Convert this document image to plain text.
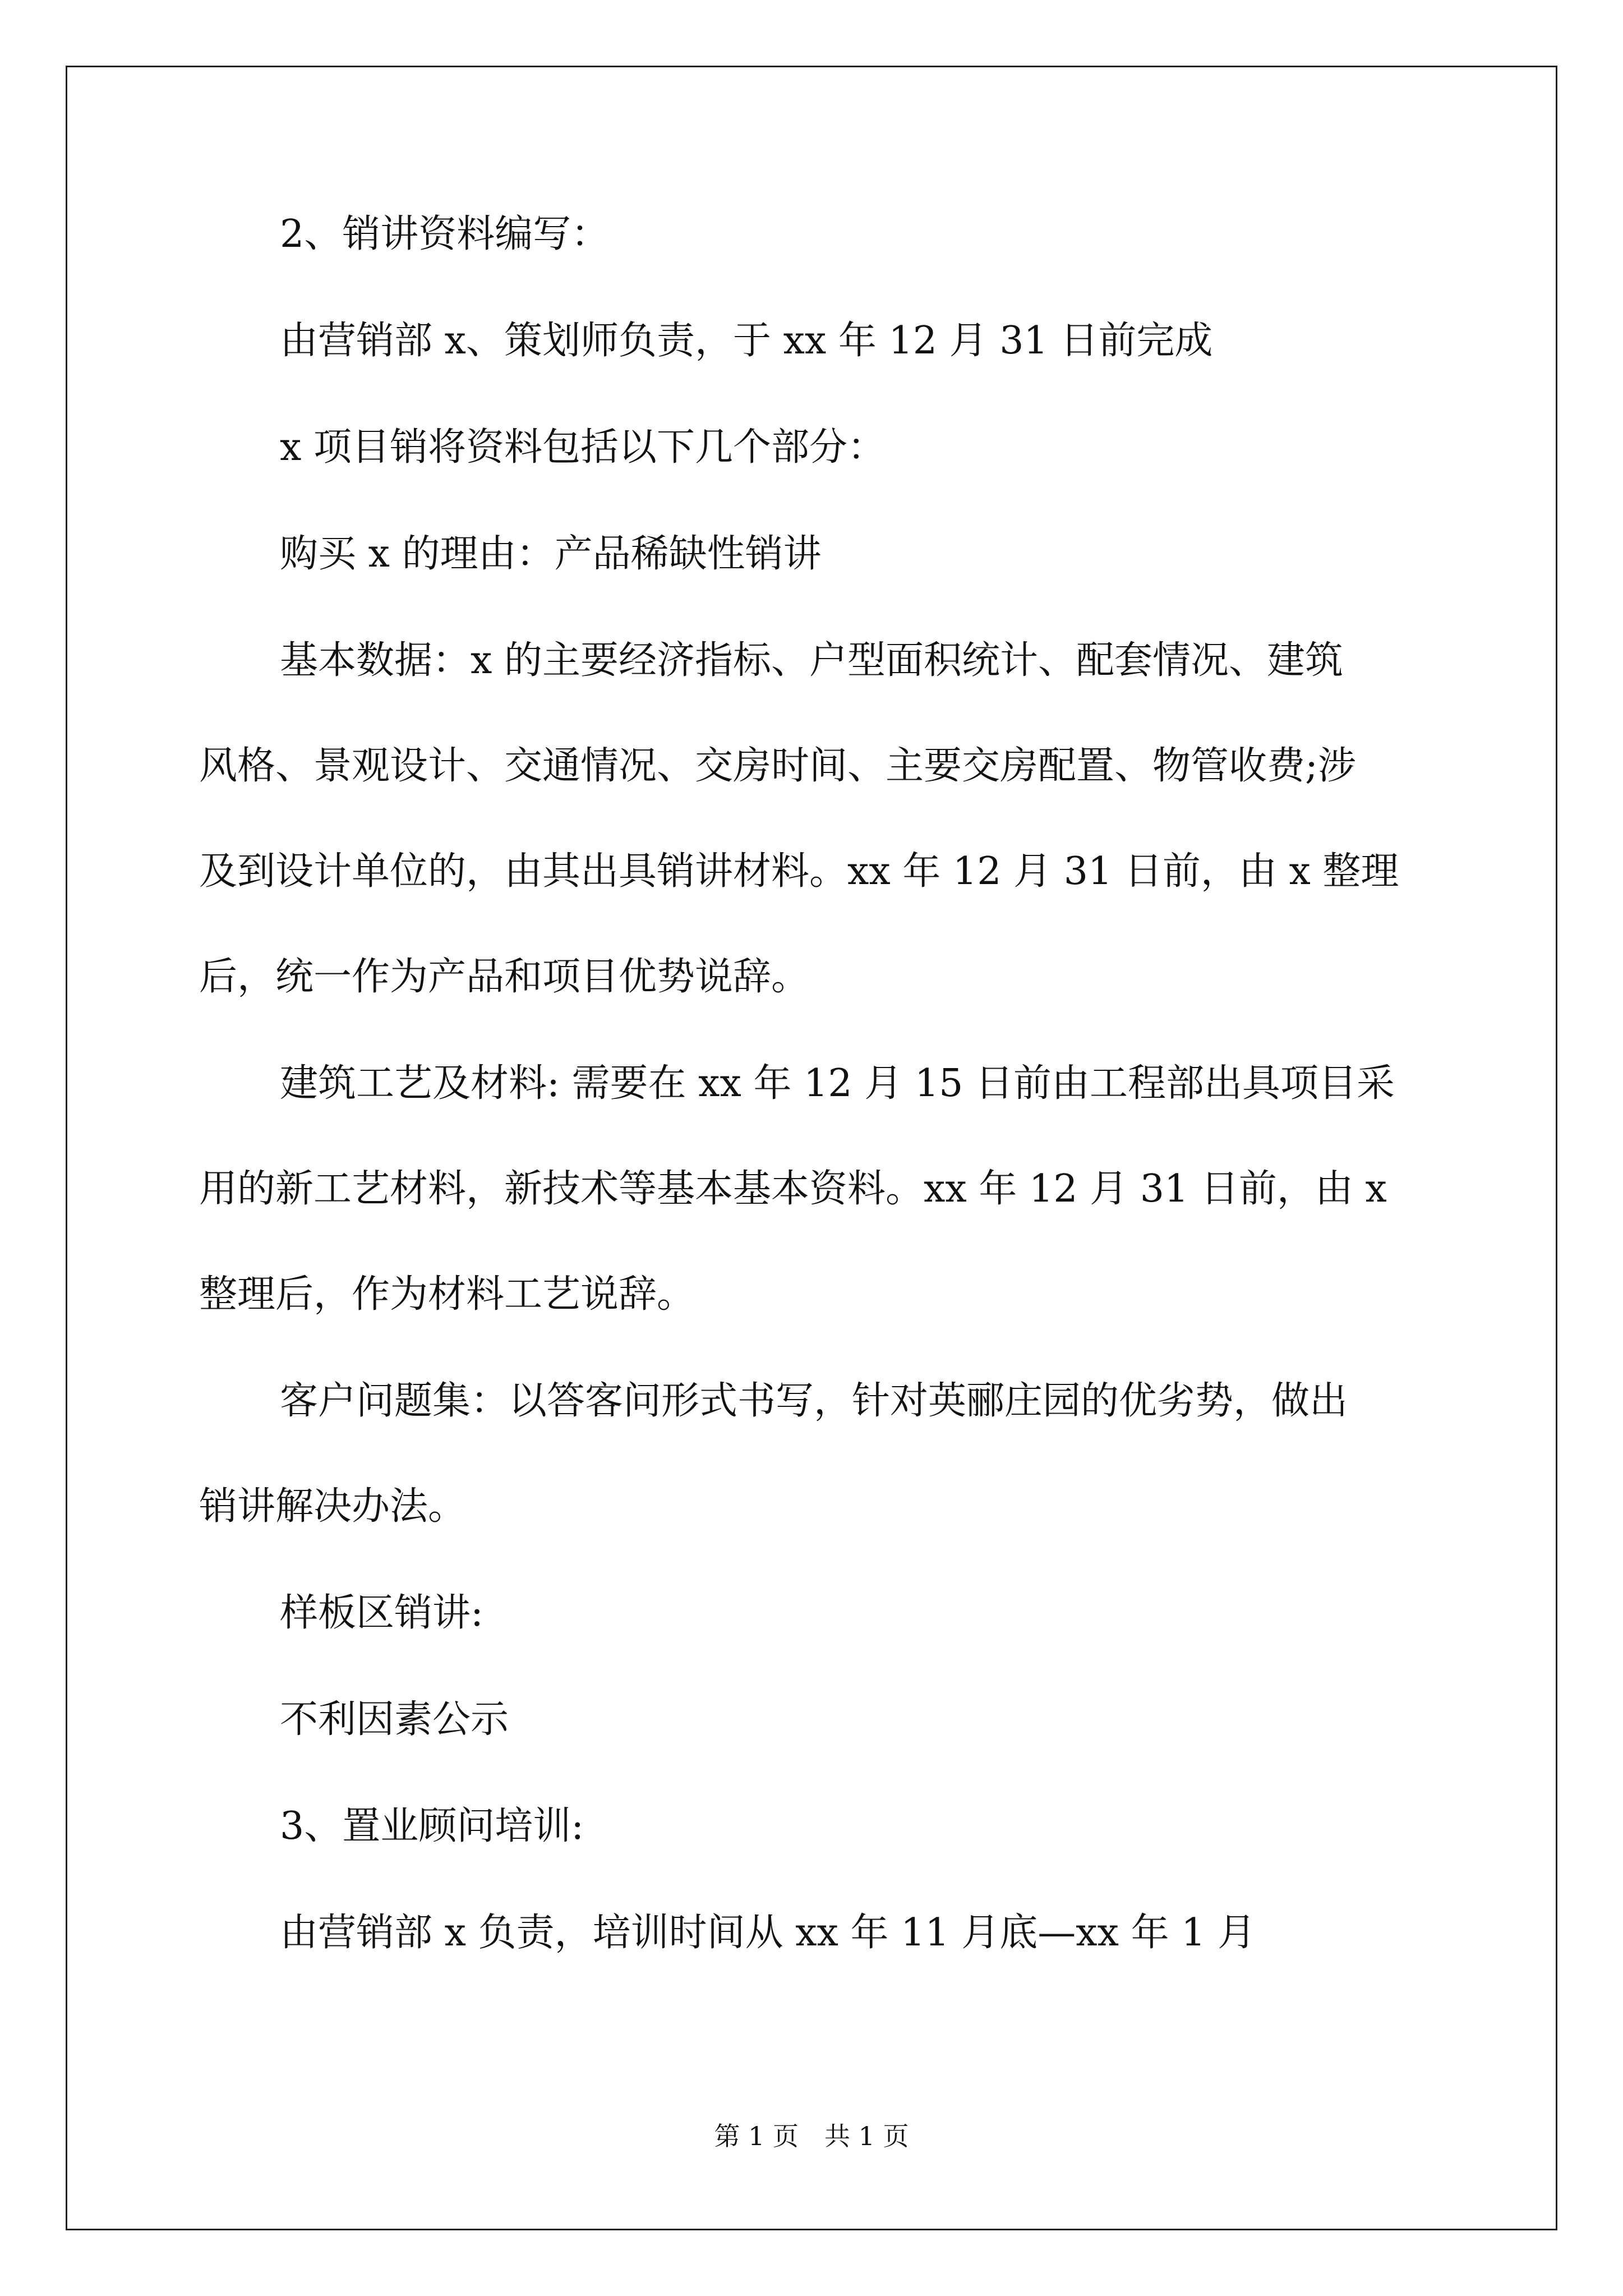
2、销讲资料编写：
由营销部 x、策划师负责，于 xx 年 12 月 31 日前完成
x 项目销将资料包括以下几个部分：
购买 x 的理由：产品稀缺性销讲
基本数据：x 的主要经济指标、户型面积统计、配套情况、建筑
风格、景观设计、交通情况、交房时间、主要交房配置、物管收费;涉
及到设计单位的，由其出具销讲材料。xx 年 12 月 31 日前，由 x 整理
后，统一作为产品和项目优势说辞。
建筑工艺及材料: 需要在 xx 年 12 月 15 日前由工程部出具项目采
用的新工艺材料，新技术等基本基本资料。xx 年 12 月 31 日前，由 x
整理后，作为材料工艺说辞。
客户问题集：以答客问形式书写，针对英郦庄园的优劣势，做出
销讲解决办法。
样板区销讲:
不利因素公示
3、置业顾问培训:
由营销部 x 负责，培训时间从 xx 年 11 月底—xx 年 1 月
第 1 页　共 1 页
